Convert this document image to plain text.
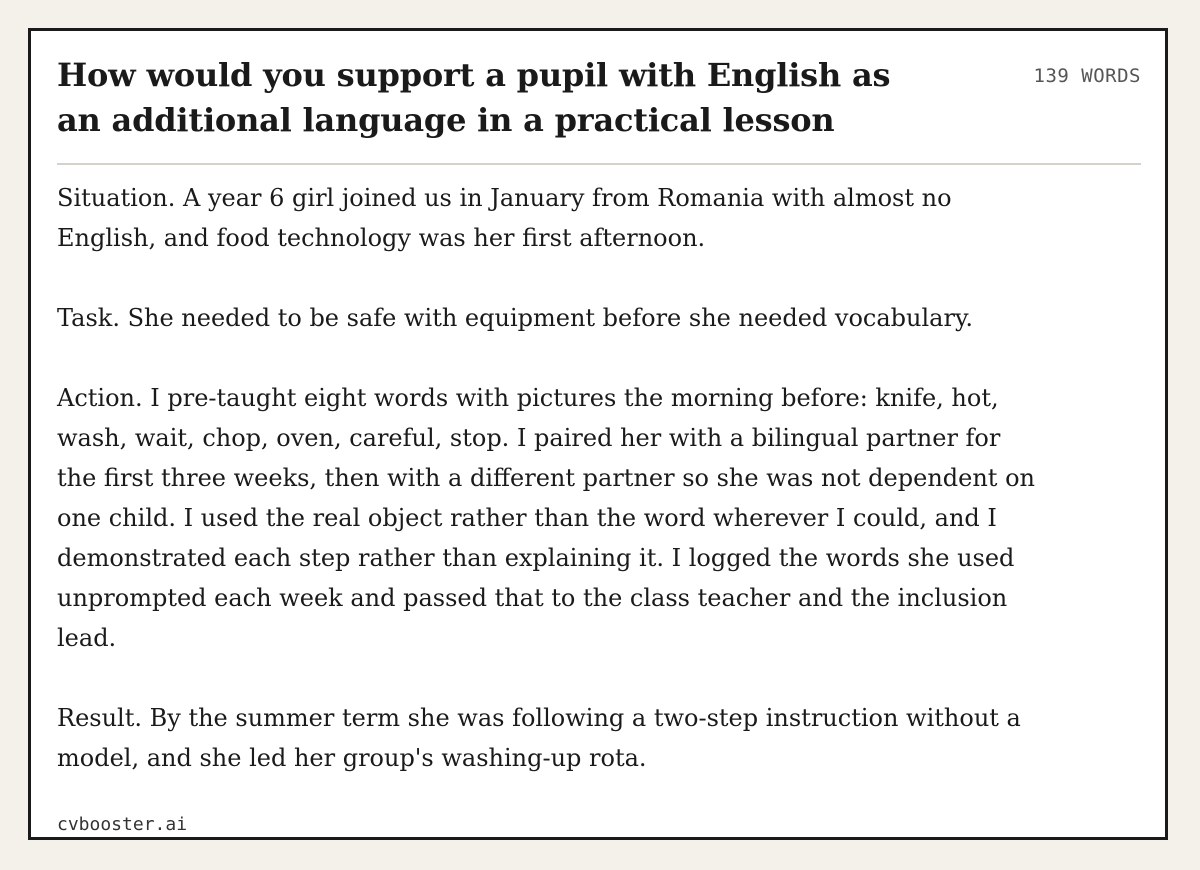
How would you support a pupil with English as an additional language in a practical lesson
139 WORDS

Situation. A year 6 girl joined us in January from Romania with almost no English, and food technology was her first afternoon.

Task. She needed to be safe with equipment before she needed vocabulary.

Action. I pre-taught eight words with pictures the morning before: knife, hot, wash, wait, chop, oven, careful, stop. I paired her with a bilingual partner for the first three weeks, then with a different partner so she was not dependent on one child. I used the real object rather than the word wherever I could, and I demonstrated each step rather than explaining it. I logged the words she used unprompted each week and passed that to the class teacher and the inclusion lead.

Result. By the summer term she was following a two-step instruction without a model, and she led her group's washing-up rota.

cvbooster.ai
